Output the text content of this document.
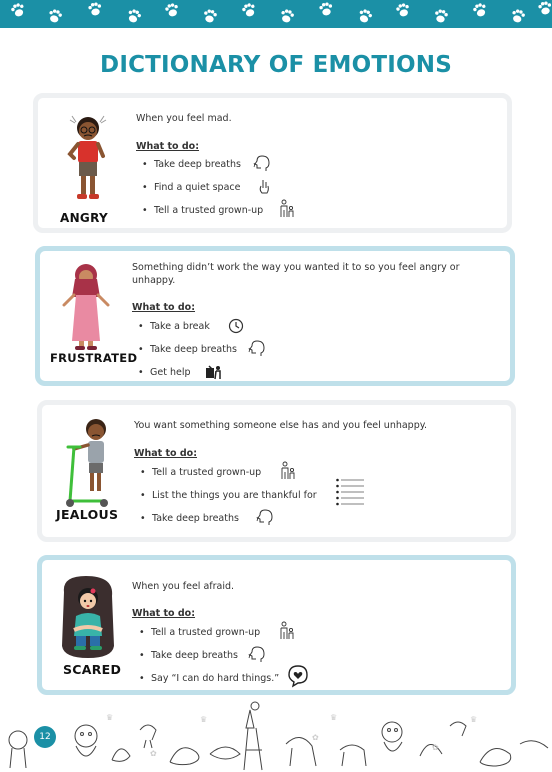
DICTIONARY OF EMOTIONS
ANGRY
When you feel mad.
What to do:
• Take deep breaths
• Find a quiet space
• Tell a trusted grown-up
FRUSTRATED
Something didn’t work the way you wanted it to so you feel angry or unhappy.
What to do:
• Take a break
• Take deep breaths
• Get help
JEALOUS
You want something someone else has and you feel unhappy.
What to do:
• Tell a trusted grown-up
• List the things you are thankful for
• Take deep breaths
SCARED
When you feel afraid.
What to do:
• Tell a trusted grown-up
• Take deep breaths
• Say “I can do hard things.”
♛	♛	♛	♛
✿
✿
✿
12
